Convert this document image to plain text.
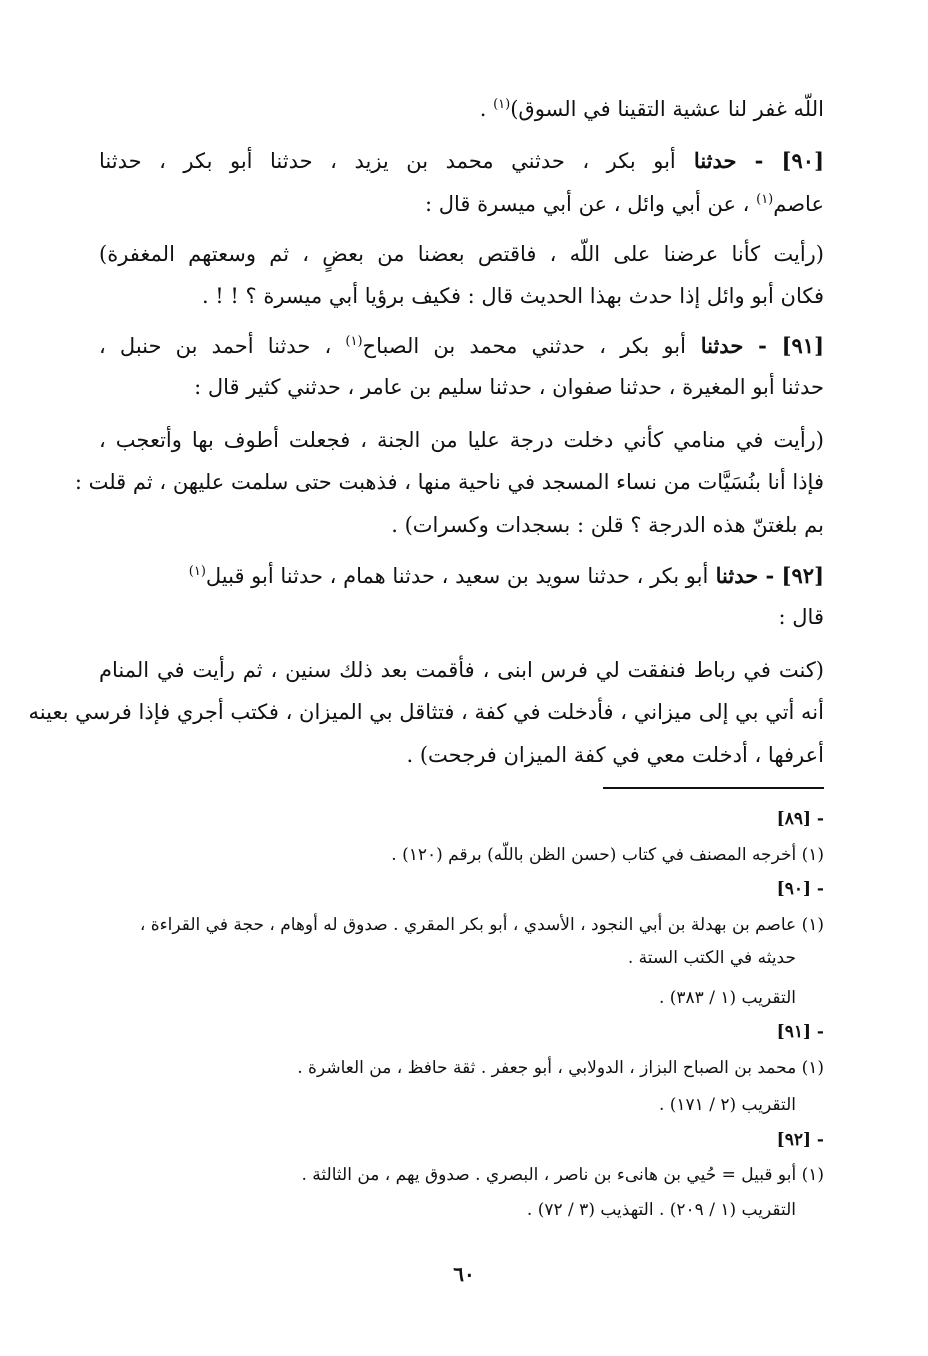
اللّه غفر لنا عشية التقينا في السوق)$^{(١)}$ .
[٩٠] - حدثنا أبو بكر ، حدثني محمد بن يزيد ، حدثنا أبو بكر ، حدثنا
عاصم$^{(١)}$ ، عن أبي وائل ، عن أبي ميسرة قال :
(رأيت كأنا عرضنا على اللّه ، فاقتص بعضنا من بعضٍ ، ثم وسعتهم المغفرة)
فكان أبو وائل إذا حدث بهذا الحديث قال : فكيف برؤيا أبي ميسرة ؟ ! ! .
[٩١] - حدثنا أبو بكر ، حدثني محمد بن الصباح$^{(١)}$ ، حدثنا أحمد بن حنبل ،
حدثنا أبو المغيرة ، حدثنا صفوان ، حدثنا سليم بن عامر ، حدثني كثير قال :
(رأيت في منامي كأني دخلت درجة عليا من الجنة ، فجعلت أطوف بها وأتعجب ،
فإذا أنا بنُسَيَّات من نساء المسجد في ناحية منها ، فذهبت حتى سلمت عليهن ، ثم قلت :
بم بلغتنّ هذه الدرجة ؟ قلن : بسجدات وكسرات) .
[٩٢] - حدثنا أبو بكر ، حدثنا سويد بن سعيد ، حدثنا همام ، حدثنا أبو قبيل$^{(١)}$
قال :
(كنت في رباط فنفقت لي فرس ابنى ، فأقمت بعد ذلك سنين ، ثم رأيت في المنام
أنه أتي بي إلى ميزاني ، فأدخلت في كفة ، فتثاقل بي الميزان ، فكتب أجري فإذا فرسي بعينه
أعرفها ، أدخلت معي في كفة الميزان فرجحت) .
[٨٩] -
(١) أخرجه المصنف في كتاب (حسن الظن باللّه) برقم (١٢٠) .
[٩٠] -
(١) عاصم بن بهدلة بن أبي النجود ، الأسدي ، أبو بكر المقري . صدوق له أوهام ، حجة في القراءة ،
حديثه في الكتب الستة .
التقريب (١ / ٣٨٣) .
[٩١] -
(١) محمد بن الصباح البزاز ، الدولابي ، أبو جعفر . ثقة حافظ ، من العاشرة .
التقريب (٢ / ١٧١) .
[٩٢] -
(١) أبو قبيل = حُيي بن هانىء بن ناصر ، البصري . صدوق يهم ، من الثالثة .
التقريب (١ / ٢٠٩) . التهذيب (٣ / ٧٢) .
٦٠
